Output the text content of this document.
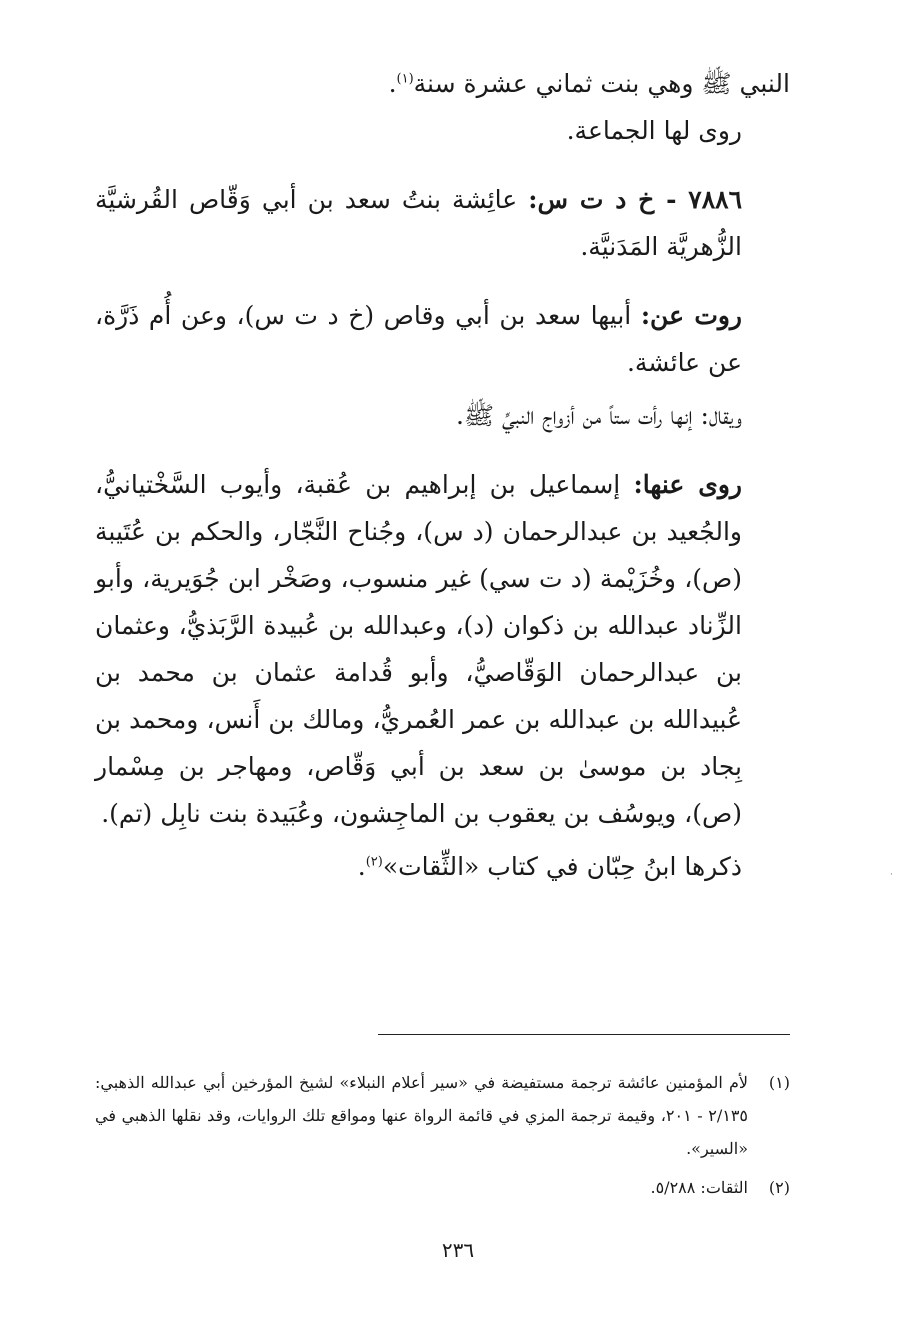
النبي ﷺ وهي بنت ثماني عشرة سنة$^{(١)}$.

روى لها الجماعة.

٧٨٨٦ - خ د ت س: عائِشة بنتُ سعد بن أبي وَقّاص القُرشيَّة الزُّهريَّة المَدَنيَّة.

روت عن: أبيها سعد بن أبي وقاص (خ د ت س)، وعن أُم ذَرَّة، عن عائشة.

ويقال: إنها رأت ستاً من أزواج النبيِّ ﷺ.

روى عنها: إسماعيل بن إبراهيم بن عُقبة، وأيوب السَّخْتيانيُّ، والجُعيد بن عبدالرحمان (د س)، وجُناح النَّجّار، والحكم بن عُتَيبة (ص)، وخُزَيْمة (د ت سي) غير منسوب، وصَخْر ابن جُوَيرية، وأبو الزِّناد عبدالله بن ذكوان (د)، وعبدالله بن عُبيدة الرَّبَذيُّ، وعثمان بن عبدالرحمان الوَقّاصيُّ، وأبو قُدامة عثمان بن محمد بن عُبيدالله بن عبدالله بن عمر العُمريُّ، ومالك بن أَنس، ومحمد بن بِجاد بن موسىٰ بن سعد بن أبي وَقّاص، ومهاجر بن مِسْمار (ص)، ويوسُف بن يعقوب بن الماجِشون، وعُبَيدة بنت نابِل (تم).

ذكرها ابنُ حِبّان في كتاب «الثِّقات»$^{(٢)}$.

(١)
لأم المؤمنين عائشة ترجمة مستفيضة في «سير أعلام النبلاء» لشيخ المؤرخين أبي عبدالله الذهبي: ٢/١٣٥ - ٢٠١، وقيمة ترجمة المزي في قائمة الرواة عنها ومواقع تلك الروايات، وقد نقلها الذهبي في «السير».

(٢)
الثقات: ٥/٢٨٨.

٢٣٦
·
